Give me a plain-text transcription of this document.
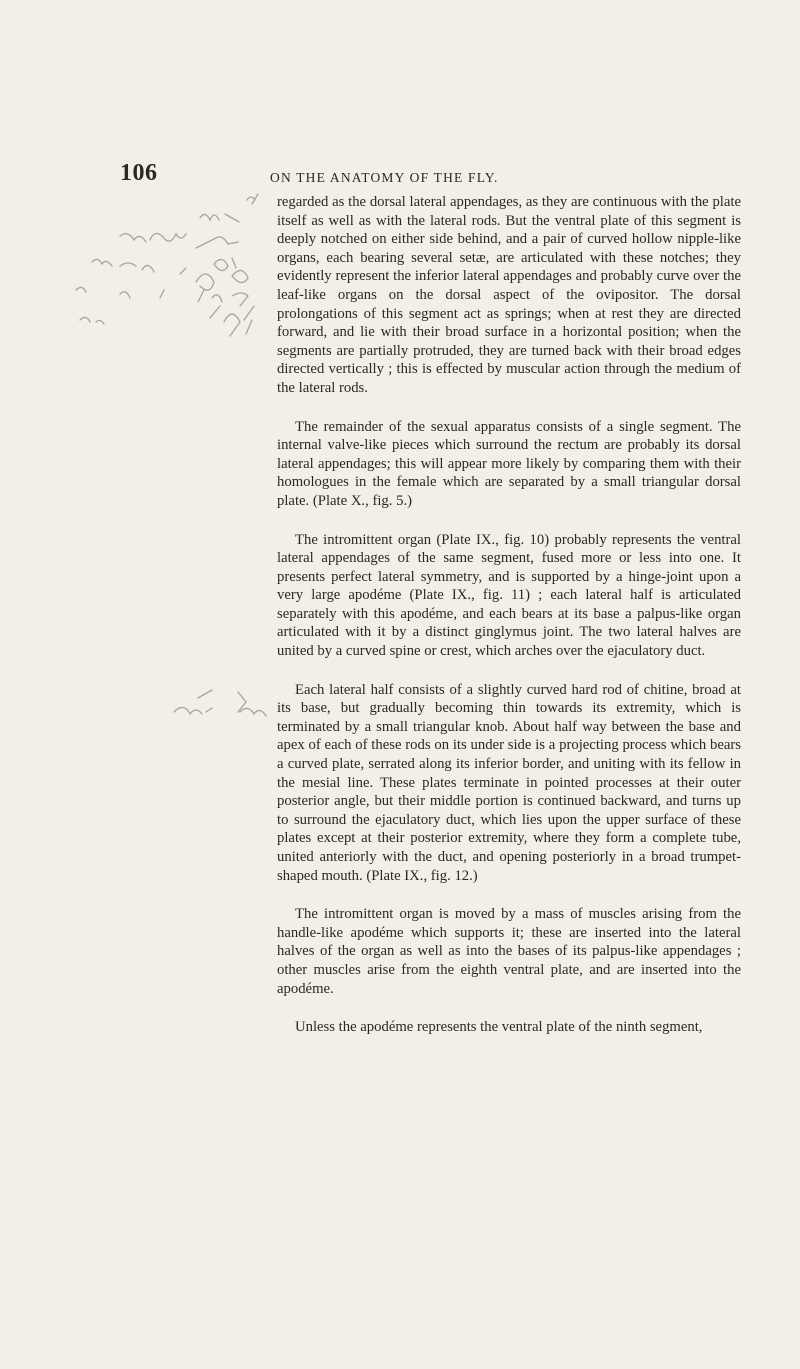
106	ON THE ANATOMY OF THE FLY.

regarded as the dorsal lateral appendages, as they are continuous with the plate itself as well as with the lateral rods. But the ventral plate of this segment is deeply notched on either side behind, and a pair of curved hollow nipple-like organs, each bearing several setæ, are articulated with these notches; they evidently represent the inferior lateral appendages and probably curve over the leaf-like organs on the dorsal aspect of the ovipositor. The dorsal prolongations of this segment act as springs; when at rest they are directed forward, and lie with their broad surface in a horizontal position; when the segments are partially protruded, they are turned back with their broad edges directed vertically ; this is effected by muscular action through the medium of the lateral rods.

The remainder of the sexual apparatus consists of a single segment. The internal valve-like pieces which surround the rectum are probably its dorsal lateral appendages; this will appear more likely by comparing them with their homologues in the female which are separated by a small triangular dorsal plate. (Plate X., fig. 5.)

The intromittent organ (Plate IX., fig. 10) probably represents the ventral lateral appendages of the same segment, fused more or less into one. It presents perfect lateral symmetry, and is supported by a hinge-joint upon a very large apodéme (Plate IX., fig. 11) ; each lateral half is articulated separately with this apodéme, and each bears at its base a palpus-like organ articulated with it by a distinct ginglymus joint. The two lateral halves are united by a curved spine or crest, which arches over the ejaculatory duct.

Each lateral half consists of a slightly curved hard rod of chitine, broad at its base, but gradually becoming thin towards its extremity, which is terminated by a small triangular knob. About half way between the base and apex of each of these rods on its under side is a projecting process which bears a curved plate, serrated along its inferior border, and uniting with its fellow in the mesial line. These plates terminate in pointed processes at their outer posterior angle, but their middle portion is continued backward, and turns up to surround the ejaculatory duct, which lies upon the upper surface of these plates except at their posterior extremity, where they form a complete tube, united anteriorly with the duct, and opening posteriorly in a broad trumpet-shaped mouth. (Plate IX., fig. 12.)

The intromittent organ is moved by a mass of muscles arising from the handle-like apodéme which supports it; these are inserted into the lateral halves of the organ as well as into the bases of its palpus-like appendages ; other muscles arise from the eighth ventral plate, and are inserted into the apodéme.

Unless the apodéme represents the ventral plate of the ninth segment,
